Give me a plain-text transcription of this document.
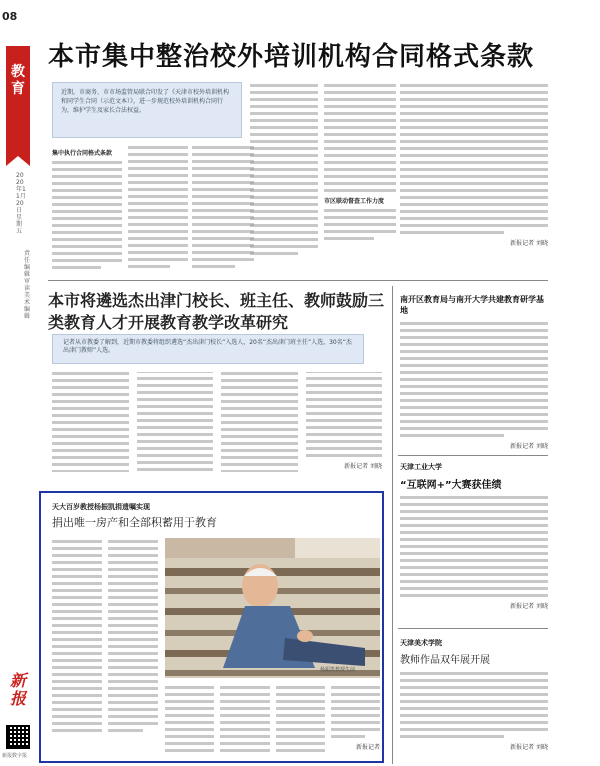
08
教育
2020年11月20日 星期五
责任编辑 审读 美术编辑
新报
新报数字报
本市集中整治校外培训机构合同格式条款
近期，市商务、市市场监管局联合印发了《天津市校外培训机构和同学生合同（示范文本）》，进一步规范校外培训机构合同行为，维护学生及家长合法权益。
集中执行合同格式条款
市区联动督查工作力度
新报记者 刘晓
本市将遴选杰出津门校长、班主任、教师鼓励三类教育人才开展教育教学改革研究
记者从市教委了解到，近期市教委将组织遴选“杰出津门校长”入选人，20名“杰出津门班主任”人选，30名“杰出津门教师”人选。
新报记者 刘晓
南开区教育局与南开大学共建教育研学基地
新报记者 刘晓
天津工业大学
“互联网+”大赛获佳绩
新报记者 刘晓
天津美术学院
教师作品双年展开展
新报记者 刘晓
天大百岁教授杨振凯捐遗嘱实现
捐出唯一房产和全部积蓄用于教育
杨振凯教授生前
新报记者
